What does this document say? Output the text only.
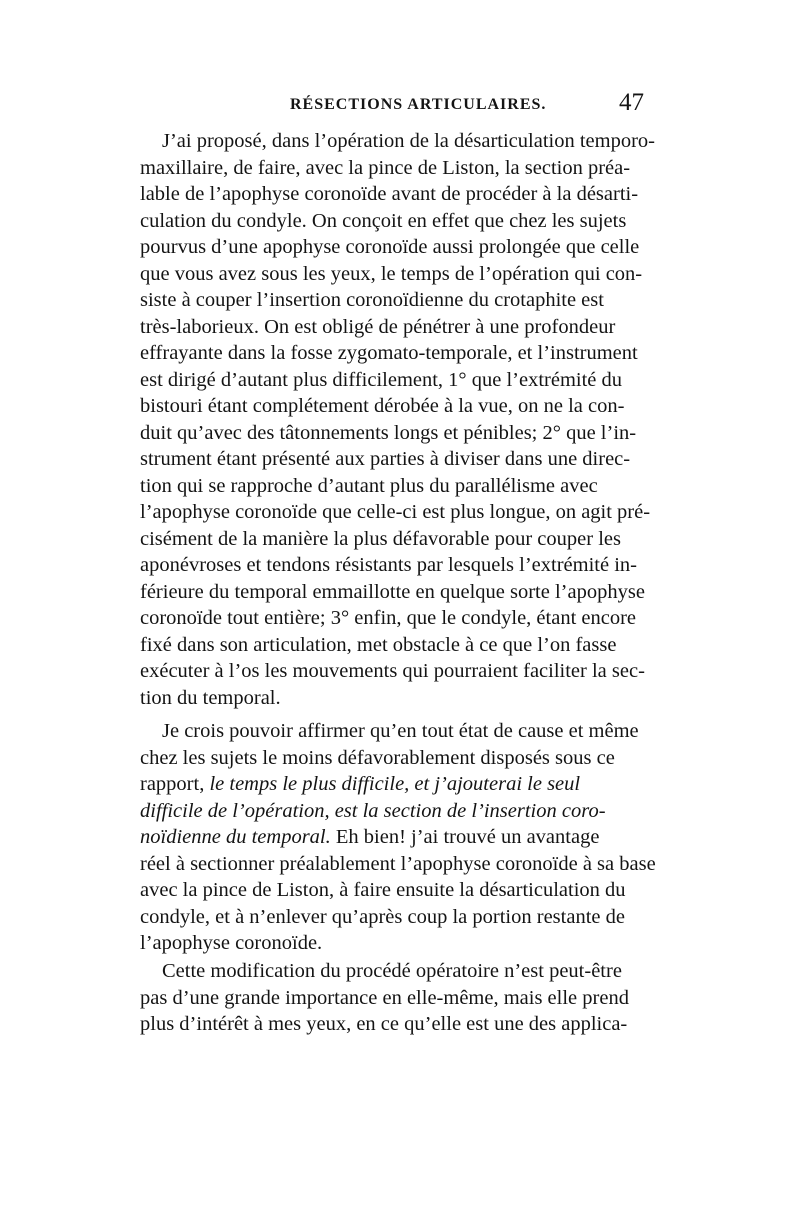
RÉSECTIONS ARTICULAIRES.	47
J’ai proposé, dans l’opération de la désarticulation temporo-
maxillaire, de faire, avec la pince de Liston, la section préa-
lable de l’apophyse coronoïde avant de procéder à la désarti-
culation du condyle. On conçoit en effet que chez les sujets
pourvus d’une apophyse coronoïde aussi prolongée que celle
que vous avez sous les yeux, le temps de l’opération qui con-
siste à couper l’insertion coronoïdienne du crotaphite est
très-laborieux. On est obligé de pénétrer à une profondeur
effrayante dans la fosse zygomato-temporale, et l’instrument
est dirigé d’autant plus difficilement, 1° que l’extrémité du
bistouri étant complétement dérobée à la vue, on ne la con-
duit qu’avec des tâtonnements longs et pénibles; 2° que l’in-
strument étant présenté aux parties à diviser dans une direc-
tion qui se rapproche d’autant plus du parallélisme avec
l’apophyse coronoïde que celle-ci est plus longue, on agit pré-
cisément de la manière la plus défavorable pour couper les
aponévroses et tendons résistants par lesquels l’extrémité in-
férieure du temporal emmaillotte en quelque sorte l’apophyse
coronoïde tout entière; 3° enfin, que le condyle, étant encore
fixé dans son articulation, met obstacle à ce que l’on fasse
exécuter à l’os les mouvements qui pourraient faciliter la sec-
tion du temporal.
Je crois pouvoir affirmer qu’en tout état de cause et même
chez les sujets le moins défavorablement disposés sous ce
rapport, le temps le plus difficile, et j’ajouterai le seul
difficile de l’opération, est la section de l’insertion coro-
noïdienne du temporal. Eh bien! j’ai trouvé un avantage
réel à sectionner préalablement l’apophyse coronoïde à sa base
avec la pince de Liston, à faire ensuite la désarticulation du
condyle, et à n’enlever qu’après coup la portion restante de
l’apophyse coronoïde.
Cette modification du procédé opératoire n’est peut-être
pas d’une grande importance en elle-même, mais elle prend
plus d’intérêt à mes yeux, en ce qu’elle est une des applica-
